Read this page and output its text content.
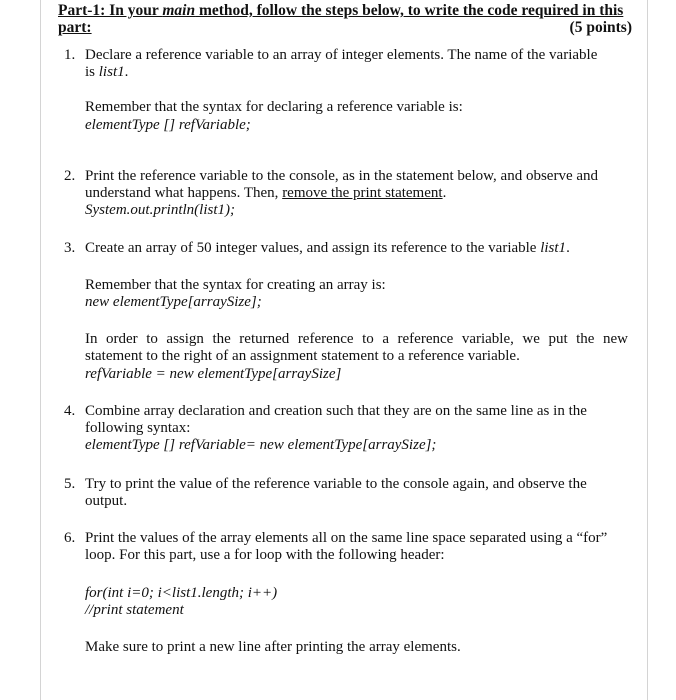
Part-1: In your main method, follow the steps below, to write the code required in this
part:	(5 points)
1. Declare a reference variable to an array of integer elements. The name of the variable
is list1.
Remember that the syntax for declaring a reference variable is:
elementType [] refVariable;
2. Print the reference variable to the console, as in the statement below, and observe and
understand what happens. Then, remove the print statement.
System.out.println(list1);
3. Create an array of 50 integer values, and assign its reference to the variable list1.
Remember that the syntax for creating an array is:
new elementType[arraySize];
In order to assign the returned reference to a reference variable, we put the new
statement to the right of an assignment statement to a reference variable.
refVariable = new elementType[arraySize]
4. Combine array declaration and creation such that they are on the same line as in the
following syntax:
elementType [] refVariable= new elementType[arraySize];
5. Try to print the value of the reference variable to the console again, and observe the
output.
6. Print the values of the array elements all on the same line space separated using a “for”
loop. For this part, use a for loop with the following header:
for(int i=0; i<list1.length; i++)
//print statement
Make sure to print a new line after printing the array elements.
